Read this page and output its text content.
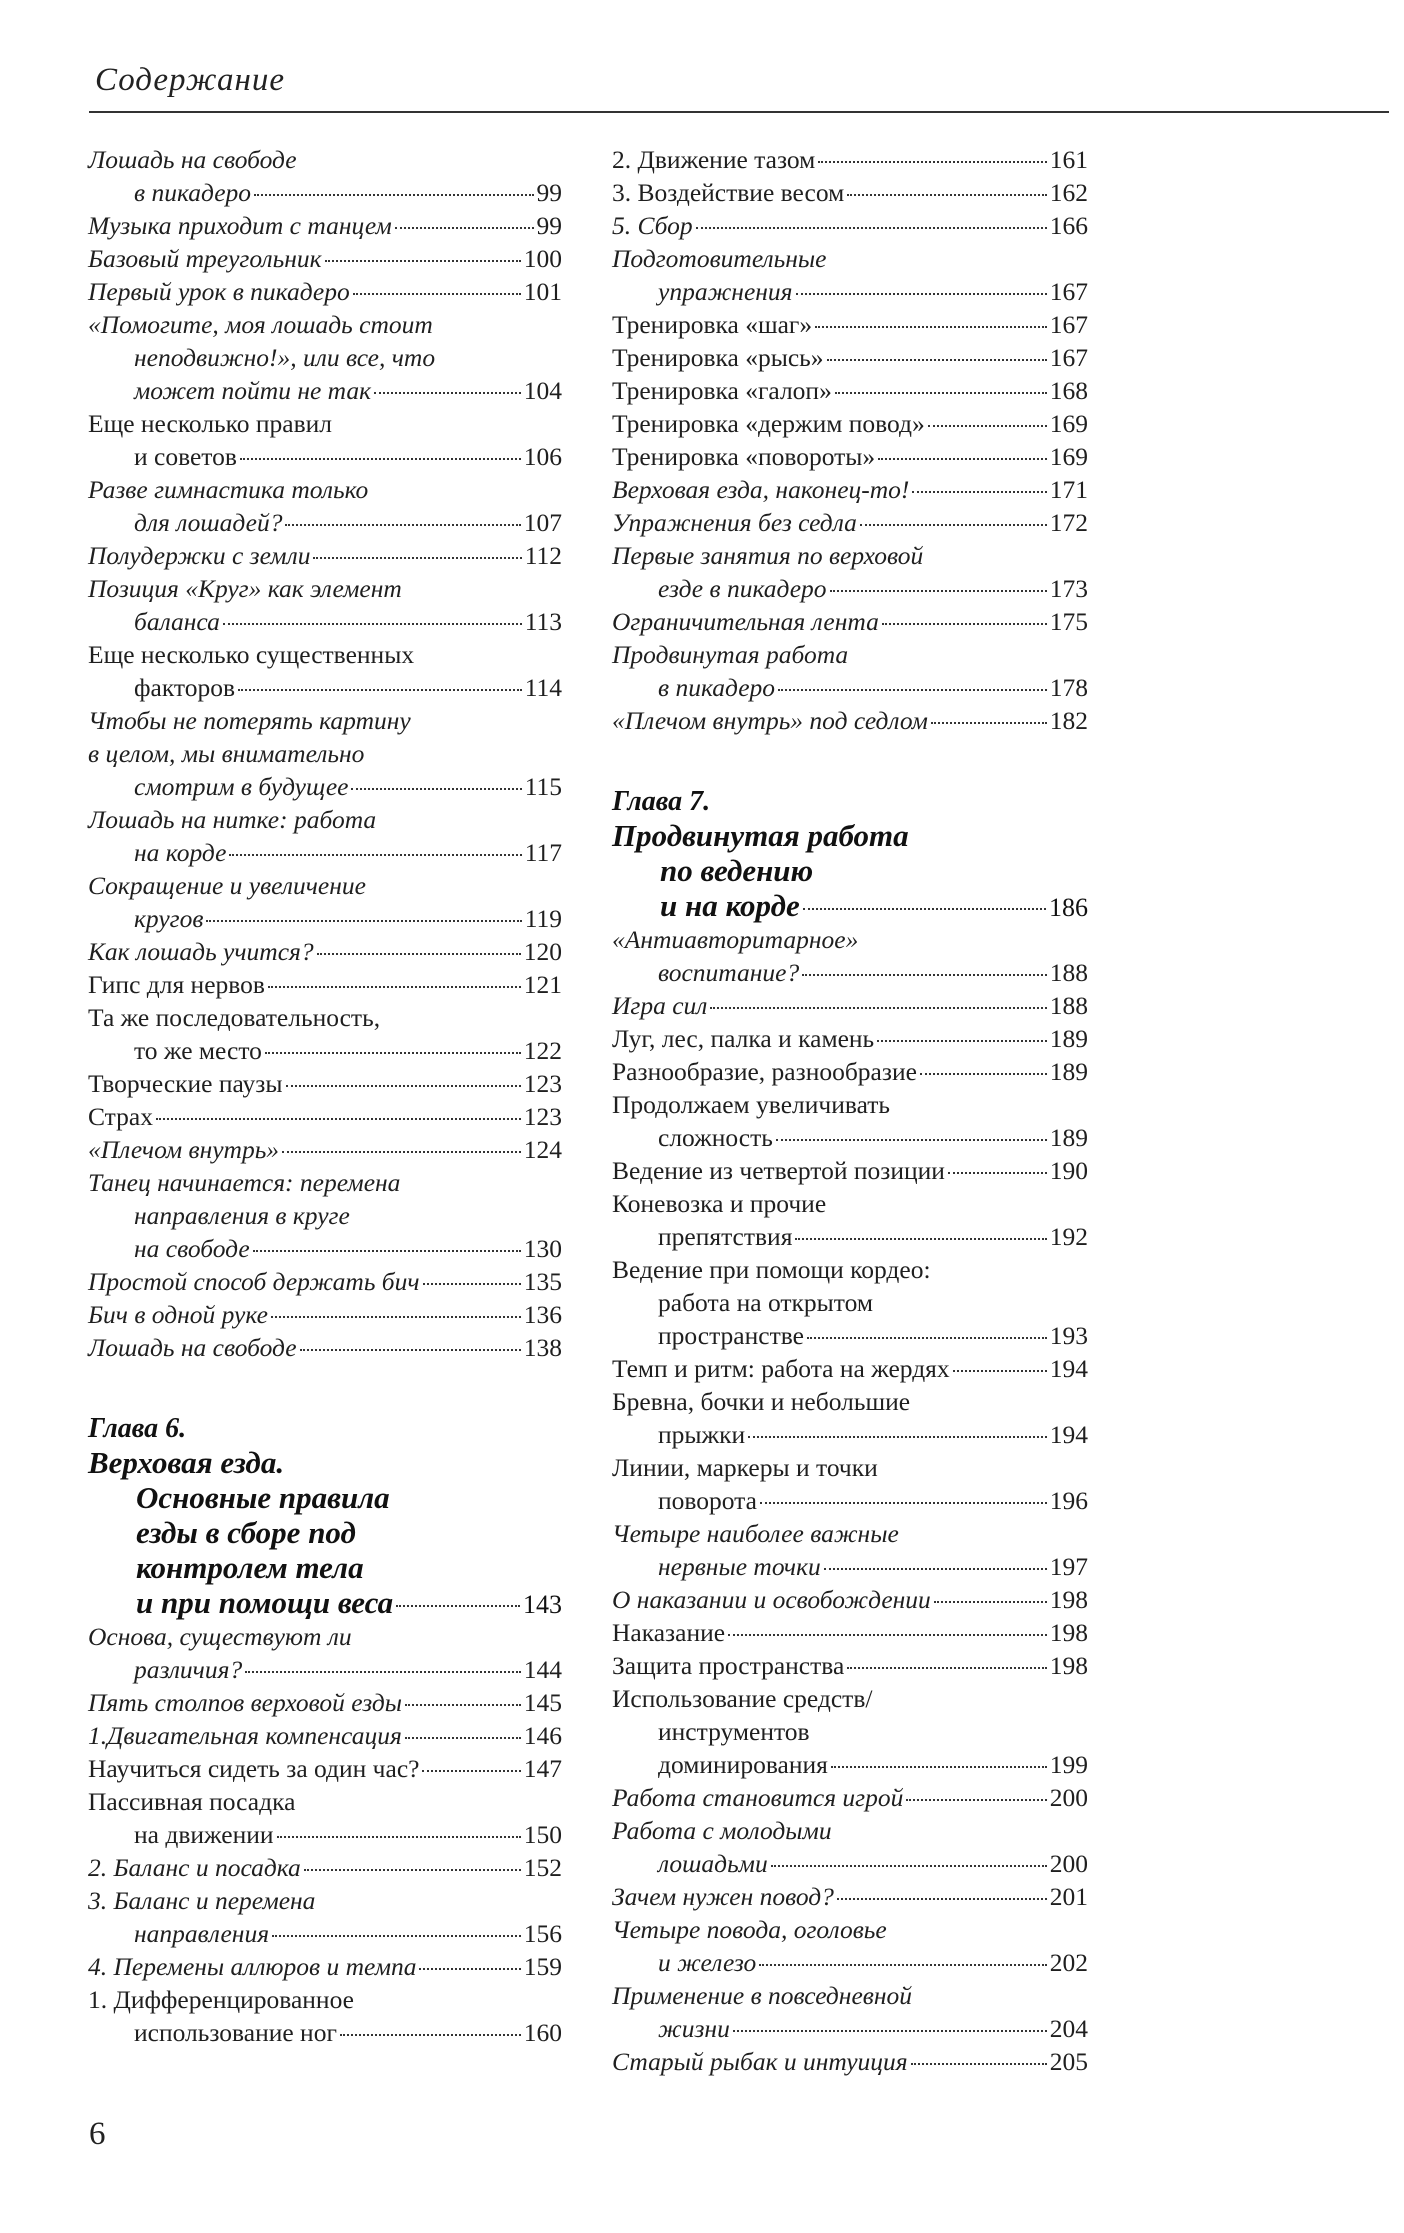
Содержание
Лошадь на свободе
в пикадеро	99
Музыка приходит с танцем	99
Базовый треугольник	100
Первый урок в пикадеро	101
«Помогите, моя лошадь стоит
неподвижно!», или все, что
может пойти не так	104
Еще несколько правил
и советов	106
Разве гимнастика только
для лошадей?	107
Полудержки с земли	112
Позиция «Круг» как элемент
баланса	113
Еще несколько существенных
факторов	114
Чтобы не потерять картину
в целом, мы внимательно
смотрим в будущее	115
Лошадь на нитке: работа
на корде	117
Сокращение и увеличение
кругов	119
Как лошадь учится?	120
Гипс для нервов	121
Та же последовательность,
то же место	122
Творческие паузы	123
Страх	123
«Плечом внутрь»	124
Танец начинается: перемена
направления в круге
на свободе	130
Простой способ держать бич	135
Бич в одной руке	136
Лошадь на свободе	138
Глава 6.
Верховая езда.
Основные правила
езды в сборе под
контролем тела
и при помощи веса	143
Основа, существуют ли
различия?	144
Пять столпов верховой езды	145
1.Двигательная компенсация	146
Научиться сидеть за один час?	147
Пассивная посадка
на движении	150
2. Баланс и посадка	152
3. Баланс и перемена
направления	156
4. Перемены аллюров и темпа	159
1. Дифференцированное
использование ног	160
2. Движение тазом	161
3. Воздействие весом	162
5. Сбор	166
Подготовительные
упражнения	167
Тренировка «шаг»	167
Тренировка «рысь»	167
Тренировка «галоп»	168
Тренировка «держим повод»	169
Тренировка «повороты»	169
Верховая езда, наконец-то!	171
Упражнения без седла	172
Первые занятия по верховой
езде в пикадеро	173
Ограничительная лента	175
Продвинутая работа
в пикадеро	178
«Плечом внутрь» под седлом	182
Глава 7.
Продвинутая работа
по ведению
и на корде	186
«Антиавторитарное»
воспитание?	188
Игра сил	188
Луг, лес, палка и камень	189
Разнообразие, разнообразие	189
Продолжаем увеличивать
сложность	189
Ведение из четвертой позиции	190
Коневозка и прочие
препятствия	192
Ведение при помощи кордео:
работа на открытом
пространстве	193
Темп и ритм: работа на жердях	194
Бревна, бочки и небольшие
прыжки	194
Линии, маркеры и точки
поворота	196
Четыре наиболее важные
нервные точки	197
О наказании и освобождении	198
Наказание	198
Защита пространства	198
Использование средств/
инструментов
доминирования	199
Работа становится игрой	200
Работа с молодыми
лошадьми	200
Зачем нужен повод?	201
Четыре повода, оголовье
и железо	202
Применение в повседневной
жизни	204
Старый рыбак и интуиция	205
6
